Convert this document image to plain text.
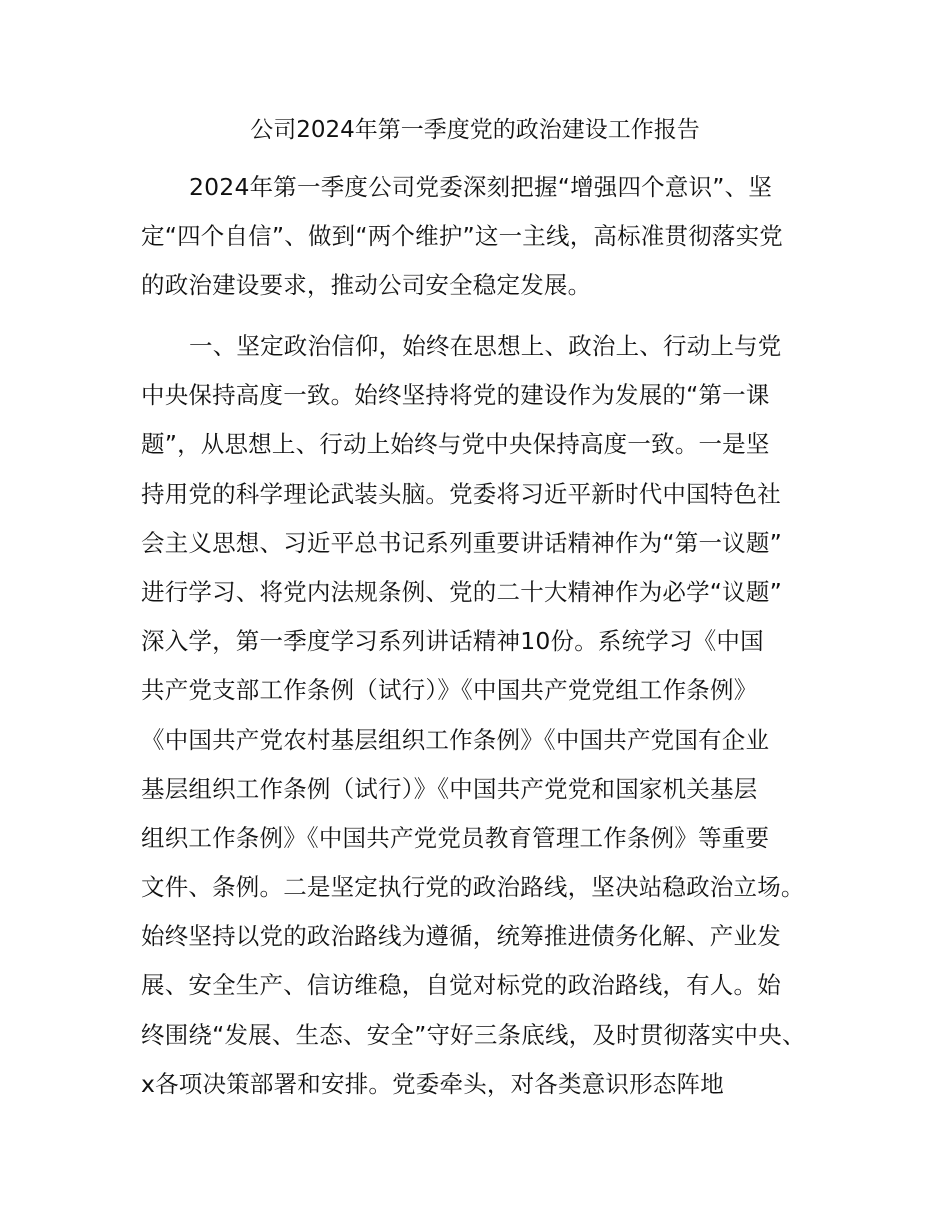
公司2024年第一季度党的政治建设工作报告
2024年第一季度公司党委深刻把握“增强四个意识”、坚
定“四个自信”、做到“两个维护”这一主线，高标准贯彻落实党
的政治建设要求，推动公司安全稳定发展。
一、坚定政治信仰，始终在思想上、政治上、行动上与党
中央保持高度一致。始终坚持将党的建设作为发展的“第一课
题”，从思想上、行动上始终与党中央保持高度一致。一是坚
持用党的科学理论武装头脑。党委将习近平新时代中国特色社
会主义思想、习近平总书记系列重要讲话精神作为“第一议题”
进行学习、将党内法规条例、党的二十大精神作为必学“议题”
深入学，第一季度学习系列讲话精神10份。系统学习《中国
共产党支部工作条例（试行）》《中国共产党党组工作条例》
《中国共产党农村基层组织工作条例》《中国共产党国有企业
基层组织工作条例（试行）》《中国共产党党和国家机关基层
组织工作条例》《中国共产党党员教育管理工作条例》等重要
文件、条例。二是坚定执行党的政治路线，坚决站稳政治立场。
始终坚持以党的政治路线为遵循，统筹推进债务化解、产业发
展、安全生产、信访维稳，自觉对标党的政治路线，有人。始
终围绕“发展、生态、安全”守好三条底线，及时贯彻落实中央、
x各项决策部署和安排。党委牵头，对各类意识形态阵地
